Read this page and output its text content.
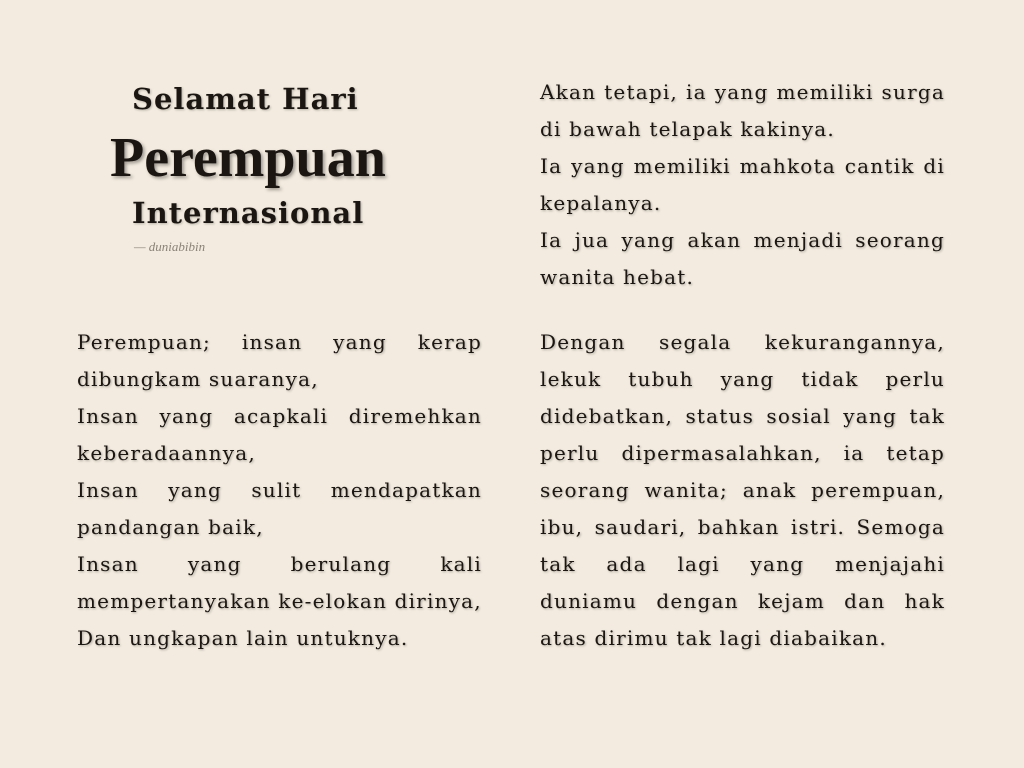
Selamat Hari
Perempuan
Internasional
— duniabibin

Akan tetapi, ia yang memiliki surga di bawah telapak kakinya.

Ia yang memiliki mahkota cantik di kepalanya.

Ia jua yang akan menjadi seorang wanita hebat.

Perempuan; insan yang kerap dibungkam suaranya,

Insan yang acapkali diremehkan keberadaannya,

Insan yang sulit mendapatkan pandangan baik,

Insan yang berulang kali mempertanyakan ke-elokan dirinya,

Dan ungkapan lain untuknya.

Dengan segala kekurangannya, lekuk tubuh yang tidak perlu didebatkan, status sosial yang tak perlu dipermasalahkan, ia tetap seorang wanita; anak perempuan, ibu, saudari, bahkan istri. Semoga tak ada lagi yang menjajahi duniamu dengan kejam dan hak atas dirimu tak lagi diabaikan.
